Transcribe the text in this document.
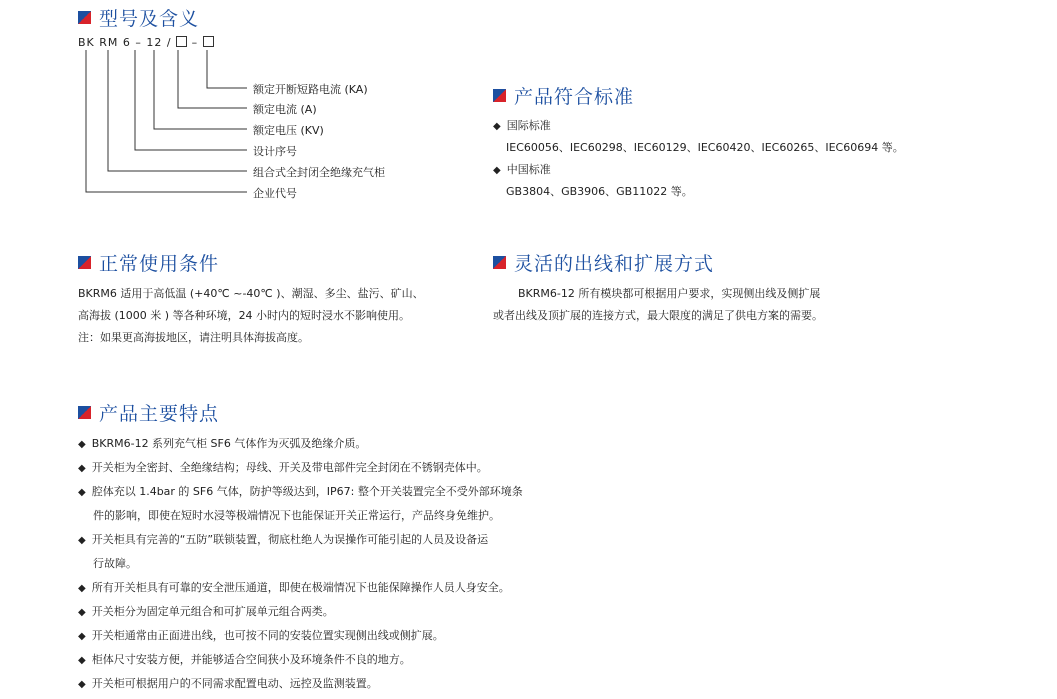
型号及含义
BK RM 6 – 12 / –
额定开断短路电流 (KA)
额定电流 (A)
额定电压 (KV)
设计序号
组合式全封闭全绝缘充气柜
企业代号
产品符合标准
◆ 国际标准
IEC60056、IEC60298、IEC60129、IEC60420、IEC60265、IEC60694 等。
◆ 中国标准
GB3804、GB3906、GB11022 等。
正常使用条件
BKRM6 适用于高低温 (+40℃ ~-40℃ )、潮湿、多尘、盐污、矿山、
高海拔 (1000 米 ) 等各种环境，24 小时内的短时浸水不影响使用。
注：如果更高海拔地区，请注明具体海拔高度。
灵活的出线和扩展方式
BKRM6-12 所有模块都可根据用户要求，实现侧出线及侧扩展
或者出线及顶扩展的连接方式，最大限度的满足了供电方案的需要。
产品主要特点
◆ BKRM6-12 系列充气柜 SF6 气体作为灭弧及绝缘介质。
◆ 开关柜为全密封、全绝缘结构；母线、开关及带电部件完全封闭在不锈钢壳体中。
◆ 腔体充以 1.4bar 的 SF6 气体，防护等级达到，IP67: 整个开关装置完全不受外部环境条
件的影响，即使在短时水浸等极端情况下也能保证开关正常运行，产品终身免维护。
◆ 开关柜具有完善的“五防”联锁装置，彻底杜绝人为误操作可能引起的人员及设备运
行故障。
◆ 所有开关柜具有可靠的安全泄压通道，即使在极端情况下也能保障操作人员人身安全。
◆ 开关柜分为固定单元组合和可扩展单元组合两类。
◆ 开关柜通常由正面进出线，也可按不同的安装位置实现侧出线或侧扩展。
◆ 柜体尺寸安装方便，并能够适合空间狭小及环境条件不良的地方。
◆ 开关柜可根据用户的不同需求配置电动、远控及监测装置。
